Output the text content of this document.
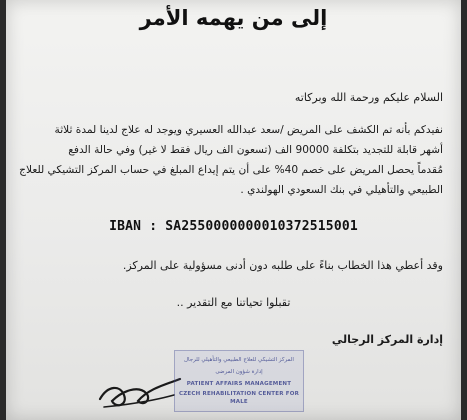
إلى من يهمه الأمر
السلام عليكم ورحمة الله وبركاته

نفيدكم بأنه تم الكشف على المريض /سعد عبدالله العسيري ويوجد له علاج لدينا لمدة ثلاثة

أشهر قابلة للتجديد بتكلفة 90000 الف (تسعون الف ريال فقط لا غير) وفي حالة الدفع

مُقدماً يحصل المريض على خصم 40% على أن يتم إيداع المبلغ في حساب المركز التشيكي للعلاج

الطبيعي والتأهيلي في بنك السعودي الهولندي .

IBAN : SA2550000000010372515001
وقد أعطي هذا الخطاب بناءً على طلبه دون أدنى مسؤولية على المركز.
تقبلوا تحياتنا مع التقدير ..
إدارة المركز الرجالي
المركز التشيكي للعلاج الطبيعي والتأهيلي للرجال
إدارة شؤون المرضى
PATIENT AFFAIRS MANAGEMENT
CZECH REHABILITATION CENTER FOR MALE
